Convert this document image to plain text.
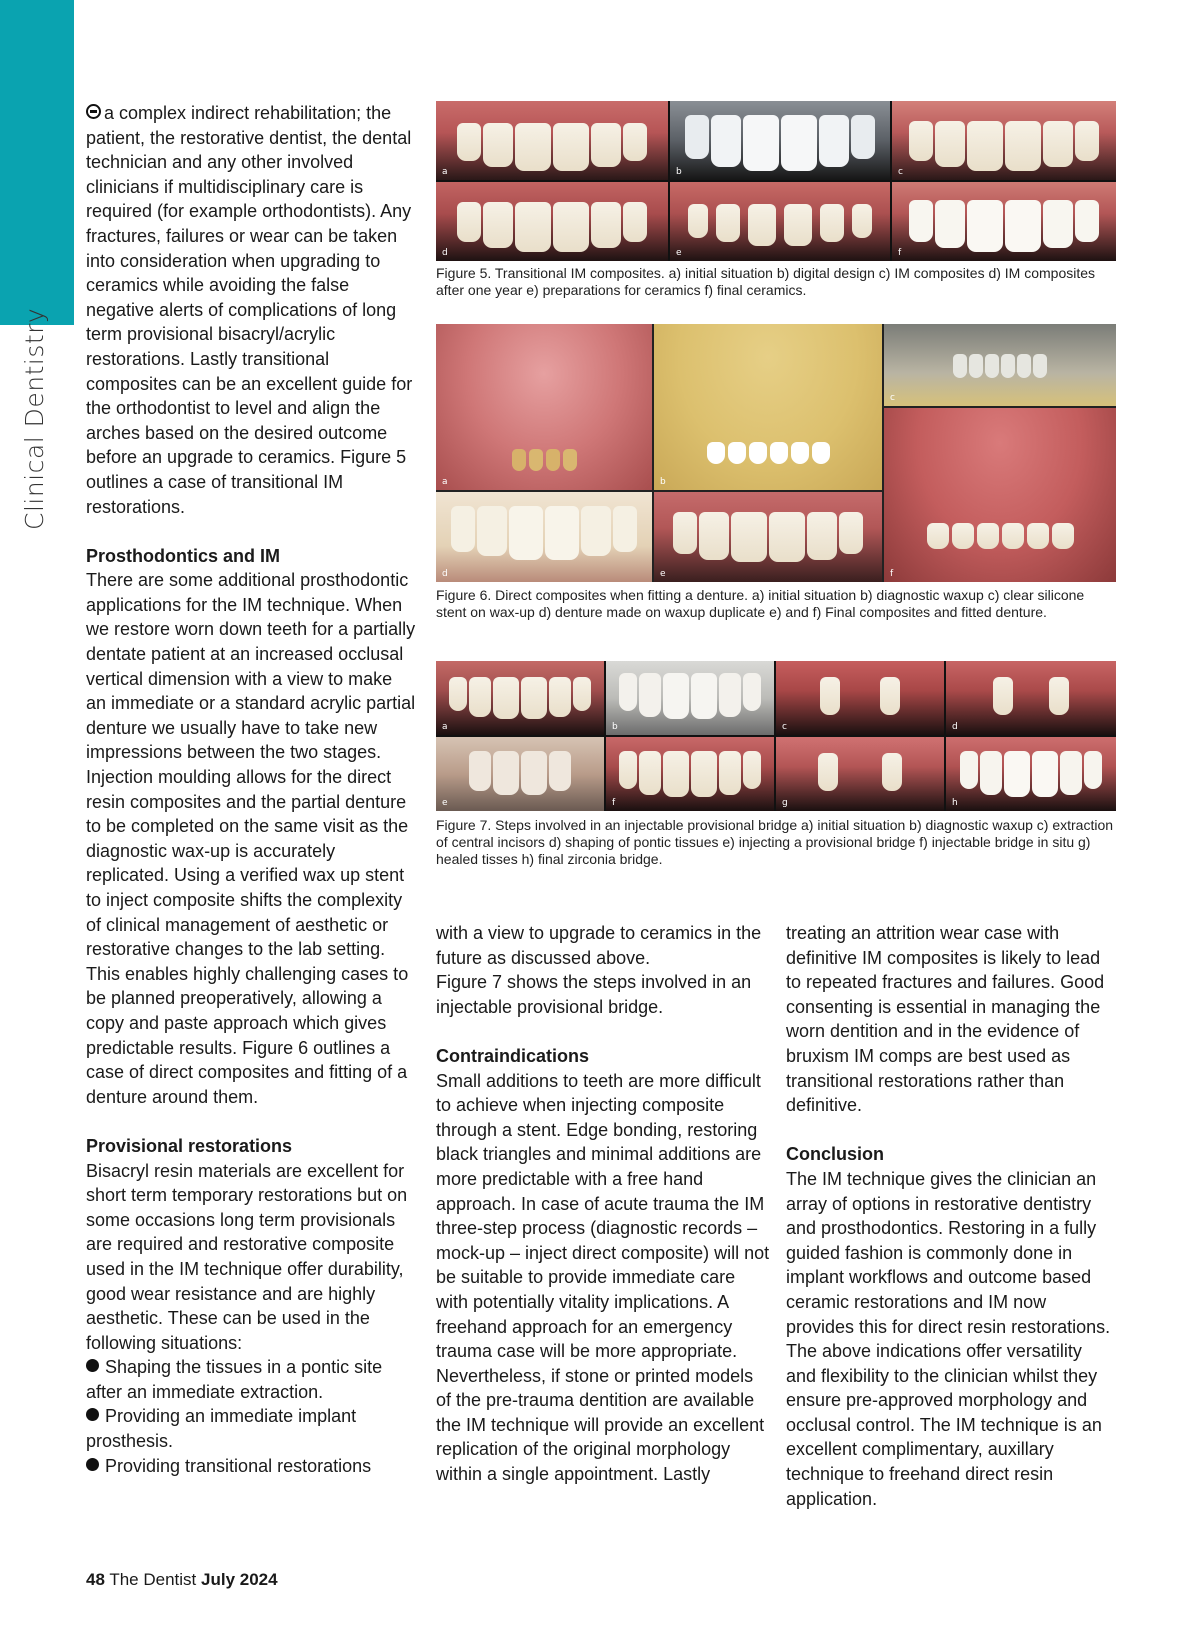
Clinical Dentistry

a complex indirect rehabilitation; the patient, the restorative dentist, the dental technician and any other involved clinicians if multidisciplinary care is required (for example orthodontists). Any fractures, failures or wear can be taken into consideration when upgrading to ceramics while avoiding the false negative alerts of complications of long term provisional bisacryl/acrylic restorations. Lastly transitional composites can be an excellent guide for the orthodontist to level and align the arches based on the desired outcome before an upgrade to ceramics. Figure 5 outlines a case of transitional IM restorations.

Prosthodontics and IM

There are some additional prosthodontic applications for the IM technique. When we restore worn down teeth for a partially dentate patient at an increased occlusal vertical dimension with a view to make an immediate or a standard acrylic partial denture we usually have to take new impressions between the two stages. Injection moulding allows for the direct resin composites and the partial denture to be completed on the same visit as the diagnostic wax-up is accurately replicated. Using a verified wax up stent to inject composite shifts the complexity of clinical management of aesthetic or restorative changes to the lab setting. This enables highly challenging cases to be planned preoperatively, allowing a copy and paste approach which gives predictable results. Figure 6 outlines a case of direct composites and fitting of a denture around them.

Provisional restorations

Bisacryl resin materials are excellent for short term temporary restorations but on some occasions long term provisionals are required and restorative composite used in the IM technique offer durability, good wear resistance and are highly aesthetic. These can be used in the following situations:

Shaping the tissues in a pontic site after an immediate extraction.

Providing an immediate implant prosthesis.

Providing transitional restorations

a	b	c
d	e	f
Figure 5. Transitional IM composites. a) initial situation b) digital design c) IM composites d) IM composites after one year e) preparations for ceramics f) final ceramics.
a	b
c
f
d	e
Figure 6. Direct composites when fitting a denture. a) initial situation b) diagnostic waxup c) clear silicone stent on wax-up d) denture made on waxup duplicate e) and f) Final composites and fitted denture.
a	b	c	d
e	f	g	h
Figure 7. Steps involved in an injectable provisional bridge a) initial situation b) diagnostic waxup c) extraction of central incisors d) shaping of pontic tissues e) injecting a provisional bridge f) injectable bridge in situ g) healed tisses h) final zirconia bridge.

with a view to upgrade to ceramics in the future as discussed above.

Figure 7 shows the steps involved in an injectable provisional bridge.

Contraindications

Small additions to teeth are more difficult to achieve when injecting composite through a stent. Edge bonding, restoring black triangles and minimal additions are more predictable with a free hand approach. In case of acute trauma the IM three-step process (diagnostic records – mock-up – inject direct composite) will not be suitable to provide immediate care with potentially vitality implications. A freehand approach for an emergency trauma case will be more appropriate. Nevertheless, if stone or printed models of the pre-trauma dentition are available the IM technique will provide an excellent replication of the original morphology within a single appointment. Lastly

treating an attrition wear case with definitive IM composites is likely to lead to repeated fractures and failures. Good consenting is essential in managing the worn dentition and in the evidence of bruxism IM comps are best used as transitional restorations rather than definitive.

Conclusion

The IM technique gives the clinician an array of options in restorative dentistry and prosthodontics. Restoring in a fully guided fashion is commonly done in implant workflows and outcome based ceramic restorations and IM now provides this for direct resin restorations. The above indications offer versatility and flexibility to the clinician whilst they ensure pre-approved morphology and occlusal control. The IM technique is an excellent complimentary, auxillary technique to freehand direct resin application.

48 The Dentist July 2024
